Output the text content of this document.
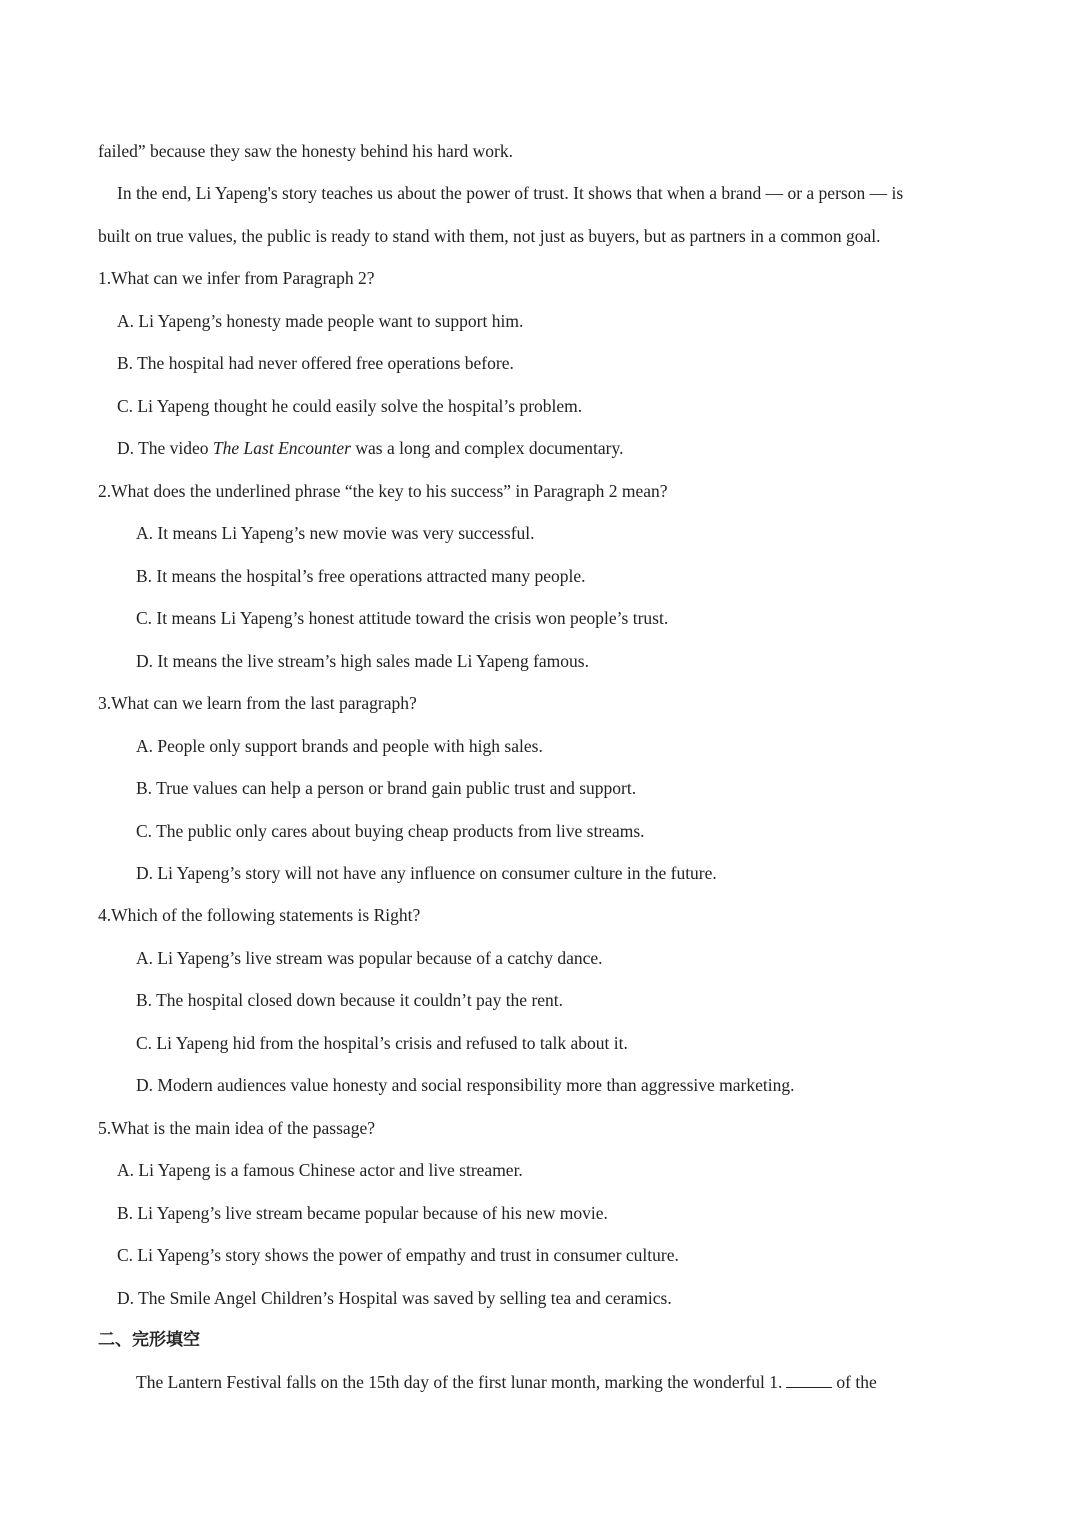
failed” because they saw the honesty behind his hard work.
In the end, Li Yapeng's story teaches us about the power of trust. It shows that when a brand — or a person — is
built on true values, the public is ready to stand with them, not just as buyers, but as partners in a common goal.
1.What can we infer from Paragraph 2?
A. Li Yapeng’s honesty made people want to support him.
B. The hospital had never offered free operations before.
C. Li Yapeng thought he could easily solve the hospital’s problem.
D. The video The Last Encounter was a long and complex documentary.
2.What does the underlined phrase “the key to his success” in Paragraph 2 mean?
A. It means Li Yapeng’s new movie was very successful.
B. It means the hospital’s free operations attracted many people.
C. It means Li Yapeng’s honest attitude toward the crisis won people’s trust.
D. It means the live stream’s high sales made Li Yapeng famous.
3.What can we learn from the last paragraph?
A. People only support brands and people with high sales.
B. True values can help a person or brand gain public trust and support.
C. The public only cares about buying cheap products from live streams.
D. Li Yapeng’s story will not have any influence on consumer culture in the future.
4.Which of the following statements is Right?
A. Li Yapeng’s live stream was popular because of a catchy dance.
B. The hospital closed down because it couldn’t pay the rent.
C. Li Yapeng hid from the hospital’s crisis and refused to talk about it.
D. Modern audiences value honesty and social responsibility more than aggressive marketing.
5.What is the main idea of the passage?
A. Li Yapeng is a famous Chinese actor and live streamer.
B. Li Yapeng’s live stream became popular because of his new movie.
C. Li Yapeng’s story shows the power of empathy and trust in consumer culture.
D. The Smile Angel Children’s Hospital was saved by selling tea and ceramics.
二、完形填空
The Lantern Festival falls on the 15th day of the first lunar month, marking the wonderful 1.	of the
